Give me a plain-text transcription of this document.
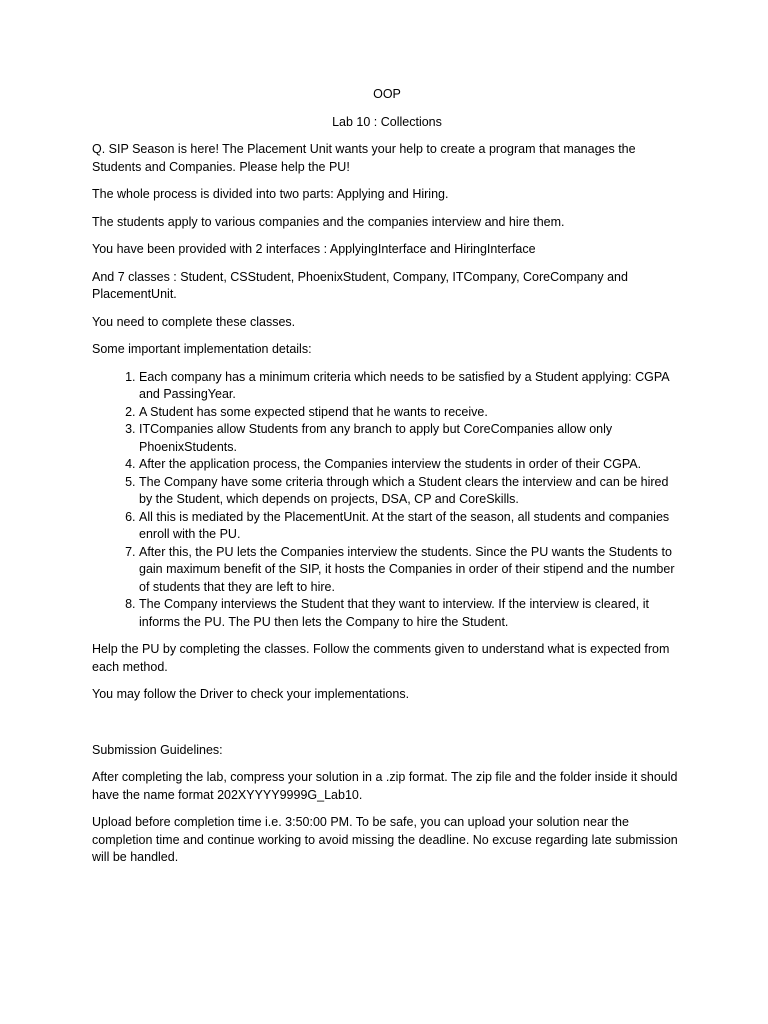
OOP

Lab 10 : Collections

Q. SIP Season is here! The Placement Unit wants your help to create a program that manages the Students and Companies. Please help the PU!

The whole process is divided into two parts: Applying and Hiring.

The students apply to various companies and the companies interview and hire them.

You have been provided with 2 interfaces : ApplyingInterface and HiringInterface

And 7 classes : Student, CSStudent, PhoenixStudent, Company, ITCompany, CoreCompany and PlacementUnit.

You need to complete these classes.

Some important implementation details:

1. Each company has a minimum criteria which needs to be satisfied by a Student applying: CGPA and PassingYear.
2. A Student has some expected stipend that he wants to receive.
3. ITCompanies allow Students from any branch to apply but CoreCompanies allow only PhoenixStudents.
4. After the application process, the Companies interview the students in order of their CGPA.
5. The Company have some criteria through which a Student clears the interview and can be hired by the Student, which depends on projects, DSA, CP and CoreSkills.
6. All this is mediated by the PlacementUnit. At the start of the season, all students and companies enroll with the PU.
7. After this, the PU lets the Companies interview the students. Since the PU wants the Students to gain maximum benefit of the SIP, it hosts the Companies in order of their stipend and the number of students that they are left to hire.
8. The Company interviews the Student that they want to interview. If the interview is cleared, it informs the PU. The PU then lets the Company to hire the Student.

Help the PU by completing the classes. Follow the comments given to understand what is expected from each method.

You may follow the Driver to check your implementations.

Submission Guidelines:

After completing the lab, compress your solution in a .zip format. The zip file and the folder inside it should have the name format 202XYYYY9999G_Lab10.

Upload before completion time i.e. 3:50:00 PM. To be safe, you can upload your solution near the completion time and continue working to avoid missing the deadline. No excuse regarding late submission will be handled.
